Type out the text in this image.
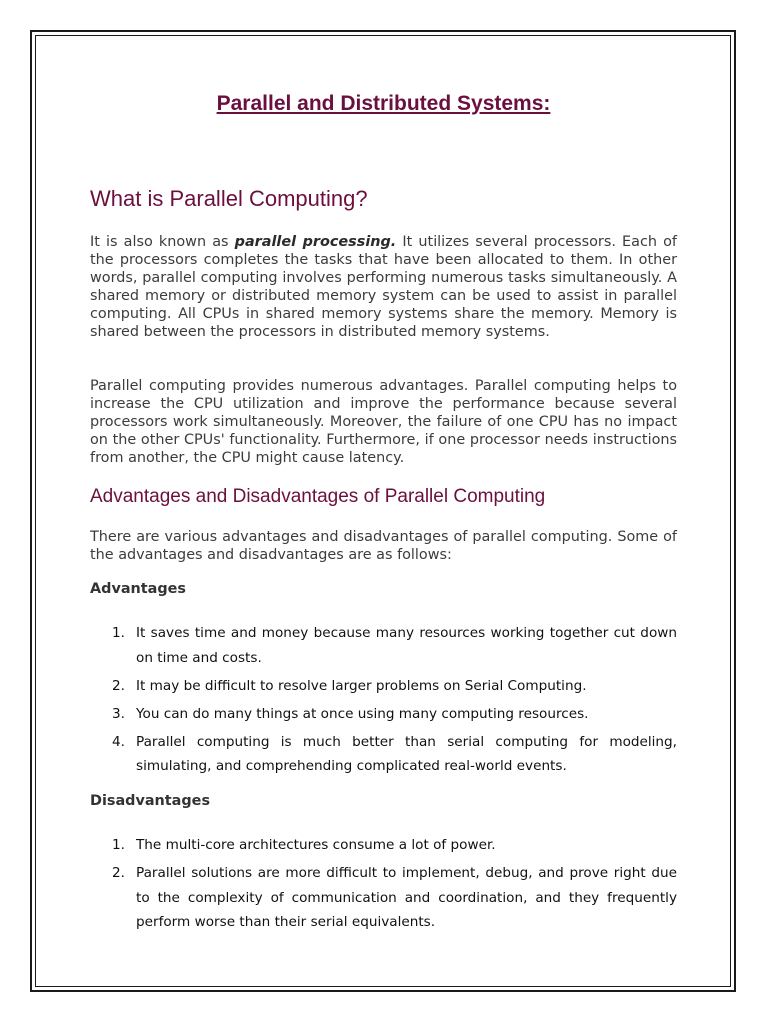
Parallel and Distributed Systems:
What is Parallel Computing?

It is also known as parallel processing. It utilizes several processors. Each of the processors completes the tasks that have been allocated to them. In other words, parallel computing involves performing numerous tasks simultaneously. A shared memory or distributed memory system can be used to assist in parallel computing. All CPUs in shared memory systems share the memory. Memory is shared between the processors in distributed memory systems.

Parallel computing provides numerous advantages. Parallel computing helps to increase the CPU utilization and improve the performance because several processors work simultaneously. Moreover, the failure of one CPU has no impact on the other CPUs' functionality. Furthermore, if one processor needs instructions from another, the CPU might cause latency.

Advantages and Disadvantages of Parallel Computing

There are various advantages and disadvantages of parallel computing. Some of the advantages and disadvantages are as follows:

Advantages
1. It saves time and money because many resources working together cut down on time and costs.
2. It may be difficult to resolve larger problems on Serial Computing.
3. You can do many things at once using many computing resources.
4. Parallel computing is much better than serial computing for modeling, simulating, and comprehending complicated real-world events.
Disadvantages
1. The multi-core architectures consume a lot of power.
2. Parallel solutions are more difficult to implement, debug, and prove right due to the complexity of communication and coordination, and they frequently perform worse than their serial equivalents.
